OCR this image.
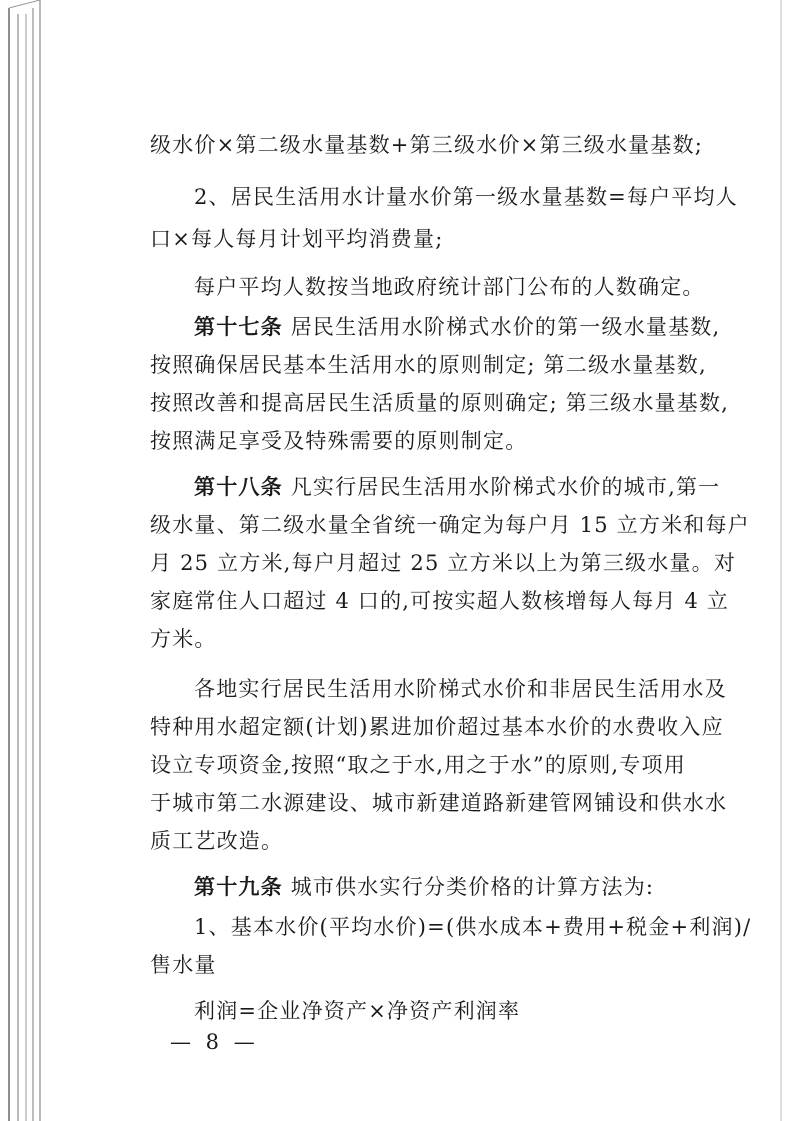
级水价×第二级水量基数+第三级水价×第三级水量基数;

2、居民生活用水计量水价第一级水量基数=每户平均人

口×每人每月计划平均消费量;

每户平均人数按当地政府统计部门公布的人数确定。

第十七条 居民生活用水阶梯式水价的第一级水量基数,

按照确保居民基本生活用水的原则制定; 第二级水量基数,

按照改善和提高居民生活质量的原则确定; 第三级水量基数,

按照满足享受及特殊需要的原则制定。

第十八条 凡实行居民生活用水阶梯式水价的城市,第一

级水量、第二级水量全省统一确定为每户月 15 立方米和每户

月 25 立方米,每户月超过 25 立方米以上为第三级水量。对

家庭常住人口超过 4 口的,可按实超人数核增每人每月 4 立

方米。

各地实行居民生活用水阶梯式水价和非居民生活用水及

特种用水超定额(计划)累进加价超过基本水价的水费收入应

设立专项资金,按照“取之于水,用之于水”的原则,专项用

于城市第二水源建设、城市新建道路新建管网铺设和供水水

质工艺改造。

第十九条 城市供水实行分类价格的计算方法为:

1、基本水价(平均水价)=(供水成本+费用+税金+利润)/

售水量

利润=企业净资产×净资产利润率

— 8 —
